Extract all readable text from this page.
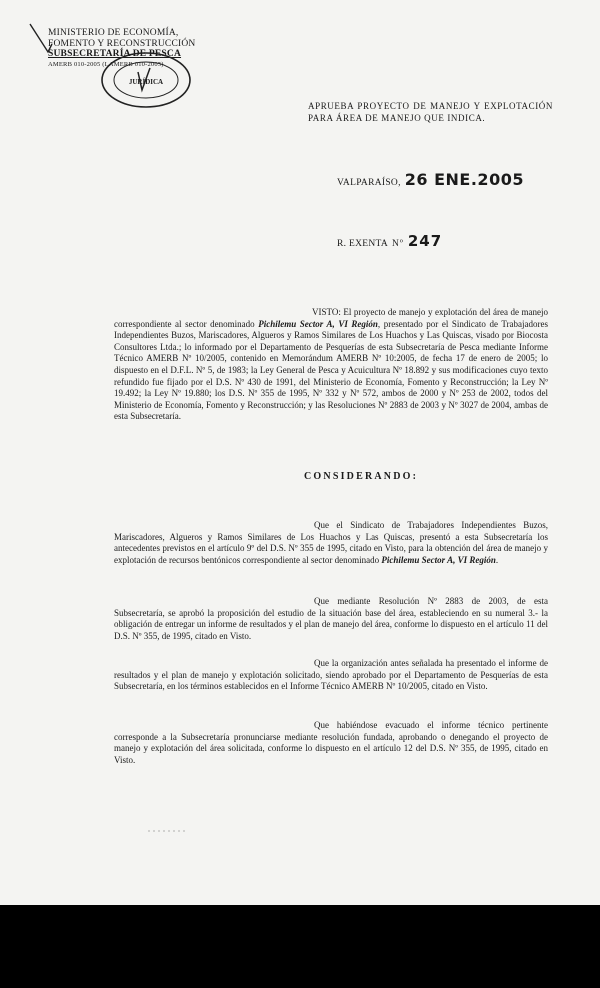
MINISTERIO DE ECONOMÍA,
FOMENTO Y RECONSTRUCCIÓN
SUBSECRETARÍA DE PESCA
AMERB 010-2005 (LAMERB 010-2005)
JURÍDICA
APRUEBA PROYECTO DE MANEJO Y EXPLOTACIÓN PARA ÁREA DE MANEJO QUE INDICA.
VALPARAÍSO, 26 ENE.2005
R. EXENTA Nº 247
VISTO: El proyecto de manejo y explotación del área de manejo correspondiente al sector denominado Pichilemu Sector A, VI Región, presentado por el Sindicato de Trabajadores Independientes Buzos, Mariscadores, Algueros y Ramos Similares de Los Huachos y Las Quiscas, visado por Biocosta Consultores Ltda.; lo informado por el Departamento de Pesquerías de esta Subsecretaría de Pesca mediante Informe Técnico AMERB Nº 10/2005, contenido en Memorándum AMERB Nº 10:2005, de fecha 17 de enero de 2005; lo dispuesto en el D.F.L. Nº 5, de 1983; la Ley General de Pesca y Acuicultura Nº 18.892 y sus modificaciones cuyo texto refundido fue fijado por el D.S. Nº 430 de 1991, del Ministerio de Economía, Fomento y Reconstrucción; la Ley Nº 19.492; la Ley Nº 19.880; los D.S. Nº 355 de 1995, Nº 332 y Nº 572, ambos de 2000 y Nº 253 de 2002, todos del Ministerio de Economía, Fomento y Reconstrucción; y las Resoluciones Nº 2883 de 2003 y Nº 3027 de 2004, ambas de esta Subsecretaría.
CONSIDERANDO:
Que el Sindicato de Trabajadores Independientes Buzos, Mariscadores, Algueros y Ramos Similares de Los Huachos y Las Quiscas, presentó a esta Subsecretaría los antecedentes previstos en el artículo 9º del D.S. Nº 355 de 1995, citado en Visto, para la obtención del área de manejo y explotación de recursos bentónicos correspondiente al sector denominado Pichilemu Sector A, VI Región.
Que mediante Resolución Nº 2883 de 2003, de esta Subsecretaría, se aprobó la proposición del estudio de la situación base del área, estableciendo en su numeral 3.- la obligación de entregar un informe de resultados y el plan de manejo del área, conforme lo dispuesto en el artículo 11 del D.S. Nº 355, de 1995, citado en Visto.
Que la organización antes señalada ha presentado el informe de resultados y el plan de manejo y explotación solicitado, siendo aprobado por el Departamento de Pesquerías de esta Subsecretaría, en los términos establecidos en el Informe Técnico AMERB Nº 10/2005, citado en Visto.
Que habiéndose evacuado el informe técnico pertinente corresponde a la Subsecretaría pronunciarse mediante resolución fundada, aprobando o denegando el proyecto de manejo y explotación del área solicitada, conforme lo dispuesto en el artículo 12 del D.S. Nº 355, de 1995, citado en Visto.
